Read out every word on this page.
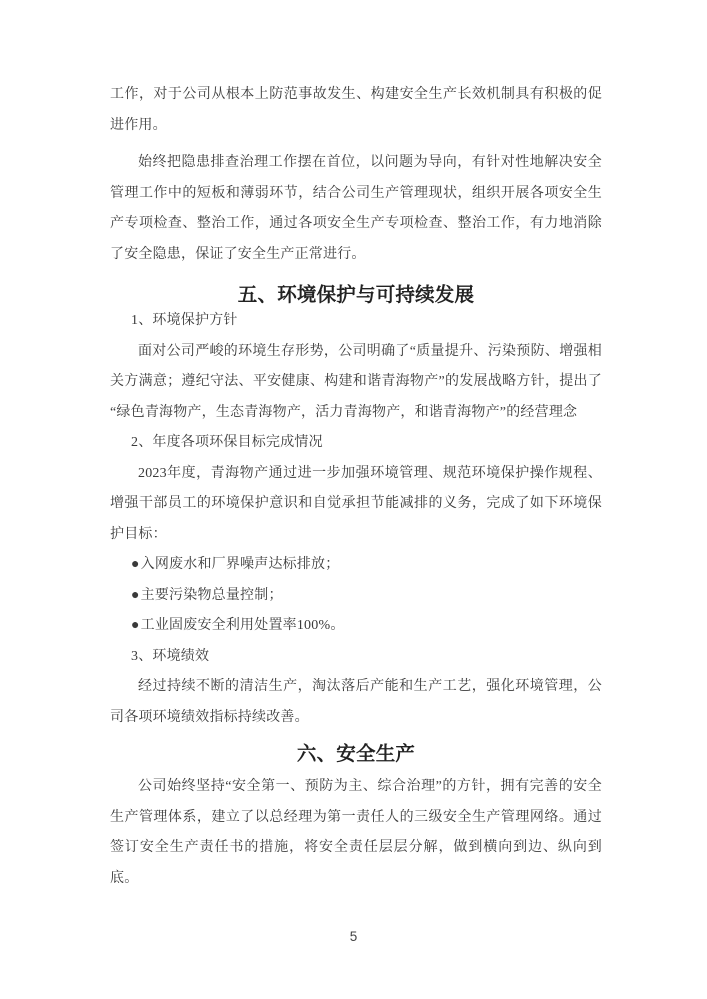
工作，对于公司从根本上防范事故发生、构建安全生产长效机制具有积极的促进作用。
始终把隐患排查治理工作摆在首位，以问题为导向，有针对性地解决安全管理工作中的短板和薄弱环节，结合公司生产管理现状，组织开展各项安全生产专项检查、整治工作，通过各项安全生产专项检查、整治工作，有力地消除了安全隐患，保证了安全生产正常进行。
五、环境保护与可持续发展
1、环境保护方针
面对公司严峻的环境生存形势，公司明确了“质量提升、污染预防、增强相关方满意；遵纪守法、平安健康、构建和谐青海物产”的发展战略方针，提出了“绿色青海物产，生态青海物产，活力青海物产，和谐青海物产”的经营理念
2、年度各项环保目标完成情况
2023年度，青海物产通过进一步加强环境管理、规范环境保护操作规程、增强干部员工的环境保护意识和自觉承担节能减排的义务，完成了如下环境保护目标：
●入网废水和厂界噪声达标排放；
●主要污染物总量控制；
●工业固废安全利用处置率100%。
3、环境绩效
经过持续不断的清洁生产，淘汰落后产能和生产工艺，强化环境管理，公司各项环境绩效指标持续改善。
六、安全生产
公司始终坚持“安全第一、预防为主、综合治理”的方针，拥有完善的安全生产管理体系，建立了以总经理为第一责任人的三级安全生产管理网络。通过签订安全生产责任书的措施，将安全责任层层分解，做到横向到边、纵向到底。
5
